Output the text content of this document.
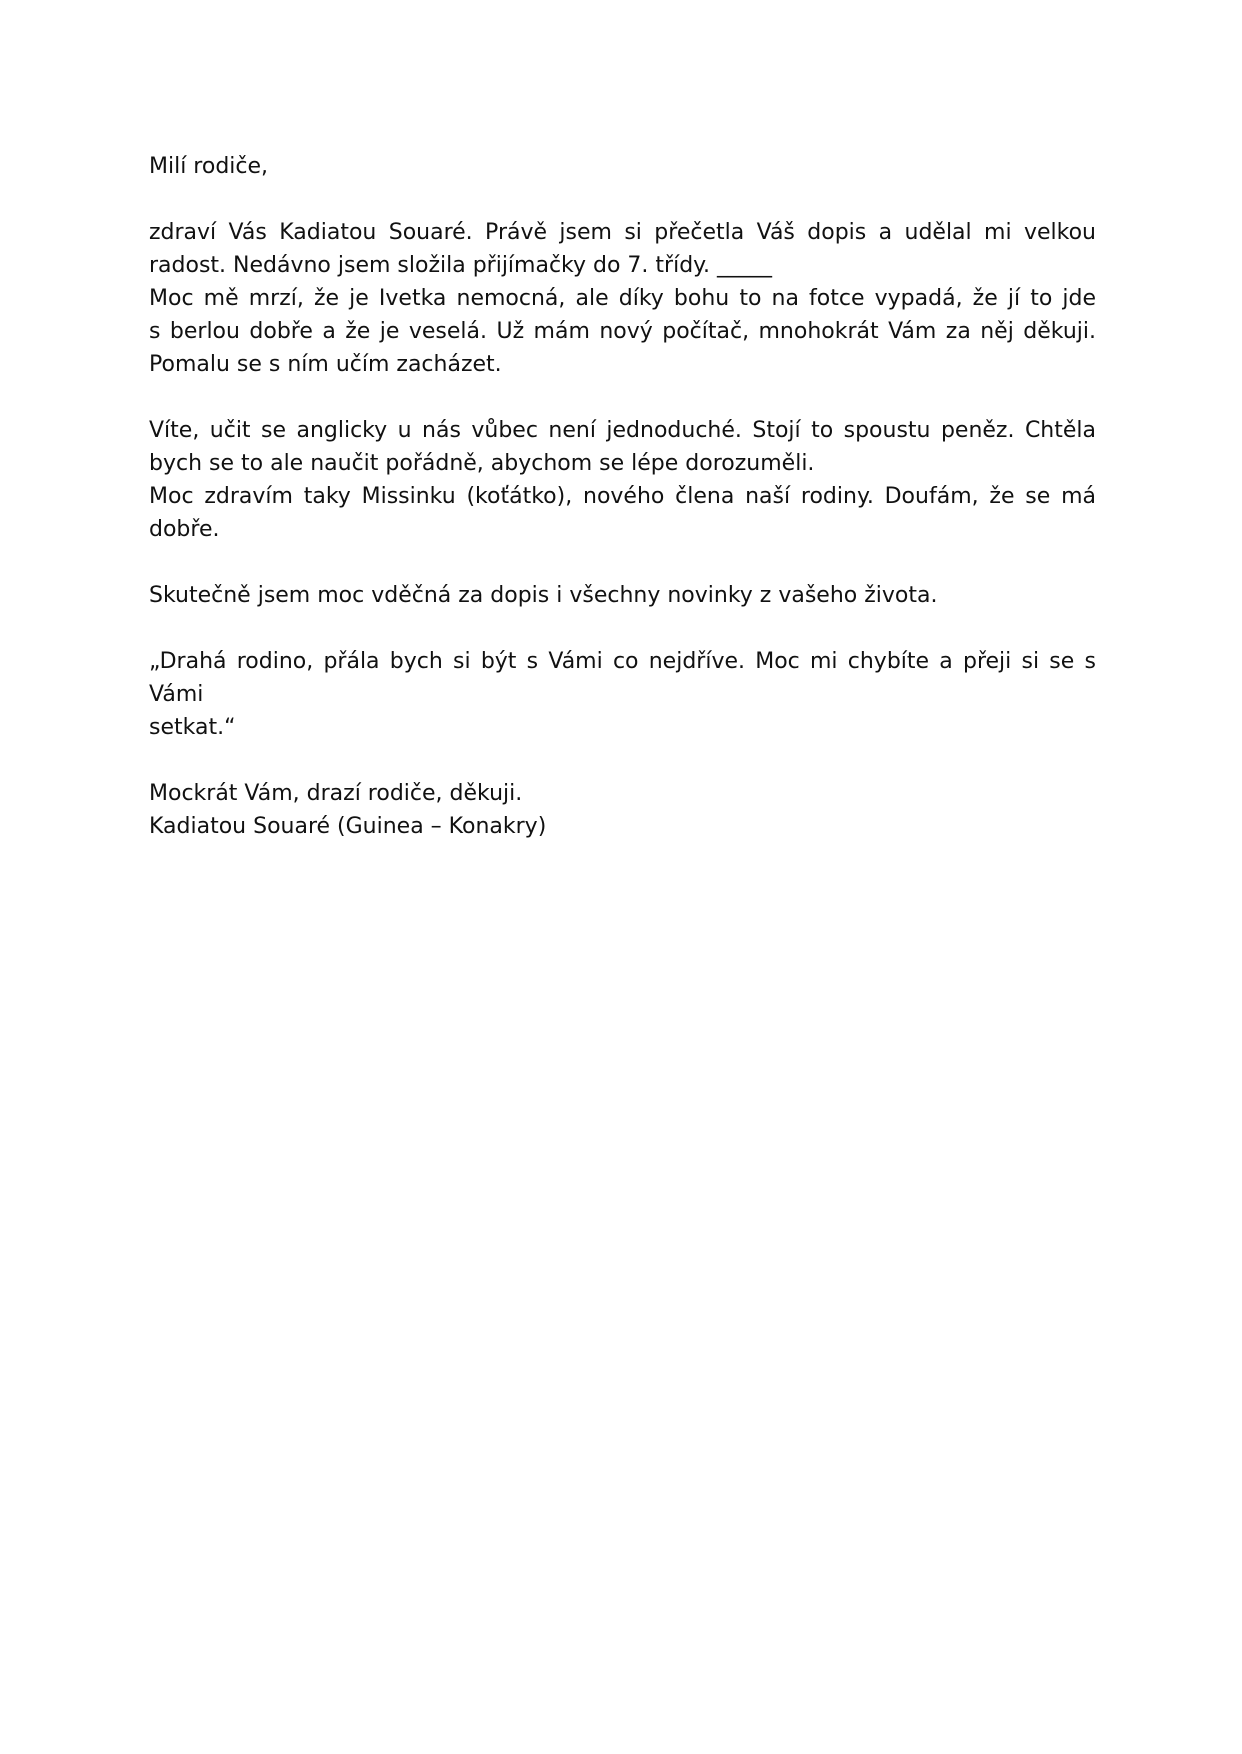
Milí rodiče,

zdraví Vás Kadiatou Souaré. Právě jsem si přečetla Váš dopis a udělal mi velkou
radost. Nedávno jsem složila přijímačky do 7. třídy. _____
Moc mě mrzí, že je Ivetka nemocná, ale díky bohu to na fotce vypadá, že jí to jde
s berlou dobře a že je veselá. Už mám nový počítač, mnohokrát Vám za něj děkuji.
Pomalu se s ním učím zacházet.

Víte, učit se anglicky u nás vůbec není jednoduché. Stojí to spoustu peněz. Chtěla
bych se to ale naučit pořádně, abychom se lépe dorozuměli.
Moc zdravím taky Missinku (koťátko), nového člena naší rodiny. Doufám, že se má
dobře.

Skutečně jsem moc vděčná za dopis i všechny novinky z vašeho života.

„Drahá rodino, přála bych si být s Vámi co nejdříve. Moc mi chybíte a přeji si se s Vámi
setkat.“

Mockrát Vám, drazí rodiče, děkuji.
Kadiatou Souaré (Guinea – Konakry)
